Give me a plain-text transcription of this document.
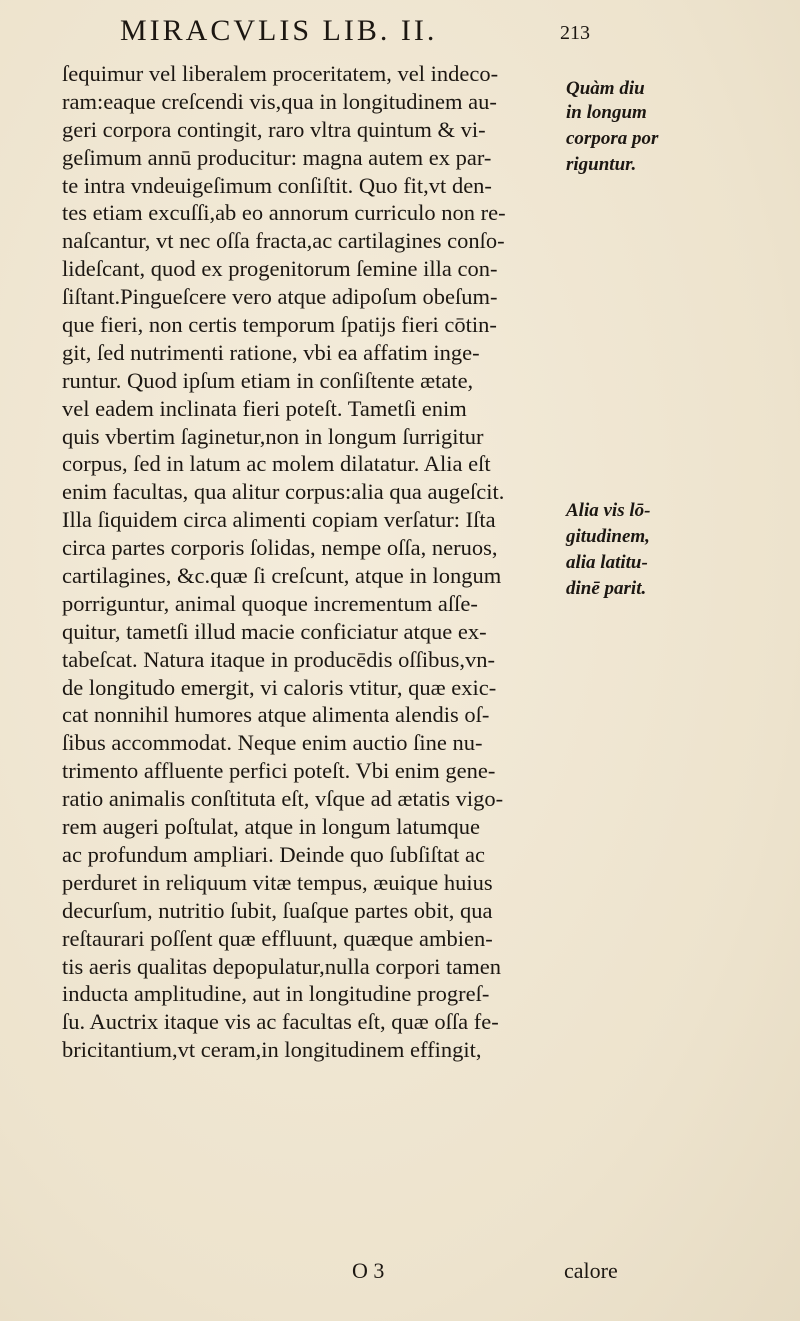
MIRACVLIS LIB. II.	213
ſequimur vel liberalem proceritatem, vel indeco-
ram:eaque creſcendi vis,qua in longitudinem au-
geri corpora contingit, raro vltra quintum & vi-
geſimum annū producitur: magna autem ex par-
te intra vndeuigeſimum conſiſtit. Quo fit,vt den-
tes etiam excuſſi,ab eo annorum curriculo non re-
naſcantur, vt nec oſſa fracta,ac cartilagines conſo-
lideſcant, quod ex progenitorum ſemine illa con-
ſiſtant.Pingueſcere vero atque adipoſum obeſum-
que fieri, non certis temporum ſpatijs fieri cōtin-
git, ſed nutrimenti ratione, vbi ea affatim inge-
runtur. Quod ipſum etiam in conſiſtente ætate,
vel eadem inclinata fieri poteſt. Tametſi enim
quis vbertim ſaginetur,non in longum ſurrigitur
corpus, ſed in latum ac molem dilatatur. Alia eſt
enim facultas, qua alitur corpus:alia qua augeſcit.
Illa ſiquidem circa alimenti copiam verſatur: Iſta
circa partes corporis ſolidas, nempe oſſa, neruos,
cartilagines, &c.quæ ſi creſcunt, atque in longum
porriguntur, animal quoque incrementum aſſe-
quitur, tametſi illud macie conficiatur atque ex-
tabeſcat. Natura itaque in producēdis oſſibus,vn-
de longitudo emergit, vi caloris vtitur, quæ exic-
cat nonnihil humores atque alimenta alendis oſ-
ſibus accommodat. Neque enim auctio ſine nu-
trimento affluente perfici poteſt. Vbi enim gene-
ratio animalis conſtituta eſt, vſque ad ætatis vigo-
rem augeri poſtulat, atque in longum latumque
ac profundum ampliari. Deinde quo ſubſiſtat ac
perduret in reliquum vitæ tempus, æuique huius
decurſum, nutritio ſubit, ſuaſque partes obit, qua
reſtaurari poſſent quæ effluunt, quæque ambien-
tis aeris qualitas depopulatur,nulla corpori tamen
inducta amplitudine, aut in longitudine progreſ-
ſu. Auctrix itaque vis ac facultas eſt, quæ oſſa fe-
bricitantium,vt ceram,in longitudinem effingit,
Quàm diu
in longum
corpora por
riguntur.
Alia vis lō-
gitudinem,
alia latitu-
dinē parit.
O 3	calore
